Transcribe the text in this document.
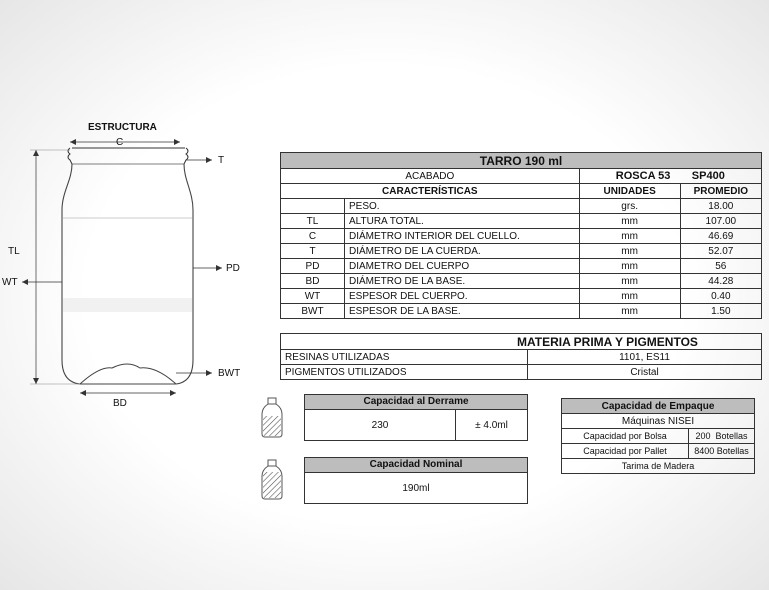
ESTRUCTURA
C
T
TL
WT
PD
BWT
BD
TARRO 190 ml			
ACABADO		ROSCA 53       SP400	
CARACTERÍSTICAS		UNIDADES	PROMEDIO
	PESO.	grs.	18.00
TL	ALTURA TOTAL.	mm	107.00
C	DIÁMETRO INTERIOR DEL CUELLO.	mm	46.69
T	DIÁMETRO DE LA CUERDA.	mm	52.07
PD	DIAMETRO DEL CUERPO	mm	56
BD	DIÁMETRO DE LA BASE.	mm	44.28
WT	ESPESOR DEL CUERPO.	mm	0.40
BWT	ESPESOR DE LA BASE.	mm	1.50
MATERIA PRIMA Y PIGMENTOS	
RESINAS UTILIZADAS	1101, ES11
PIGMENTOS UTILIZADOS	Cristal
Capacidad al Derrame
230	± 4.0ml
Capacidad Nominal
190ml
Capacidad de Empaque	
Máquinas NISEI	
Capacidad por Bolsa	200  Botellas
Capacidad por Pallet	8400 Botellas
Tarima de Madera	
